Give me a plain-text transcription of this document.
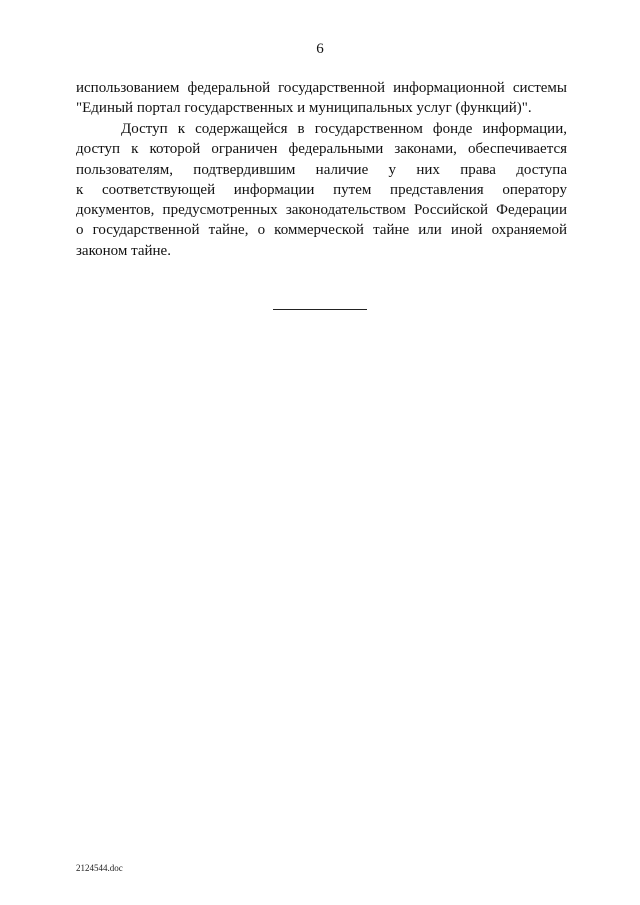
6
использованием федеральной государственной информационной системы
"Единый портал государственных и муниципальных услуг (функций)".
Доступ к содержащейся в государственном фонде информации,
доступ к которой ограничен федеральными законами, обеспечивается
пользователям, подтвердившим наличие у них права доступа
к соответствующей информации путем представления оператору
документов, предусмотренных законодательством Российской Федерации
о государственной тайне, о коммерческой тайне или иной охраняемой
законом тайне.
2124544.doc
